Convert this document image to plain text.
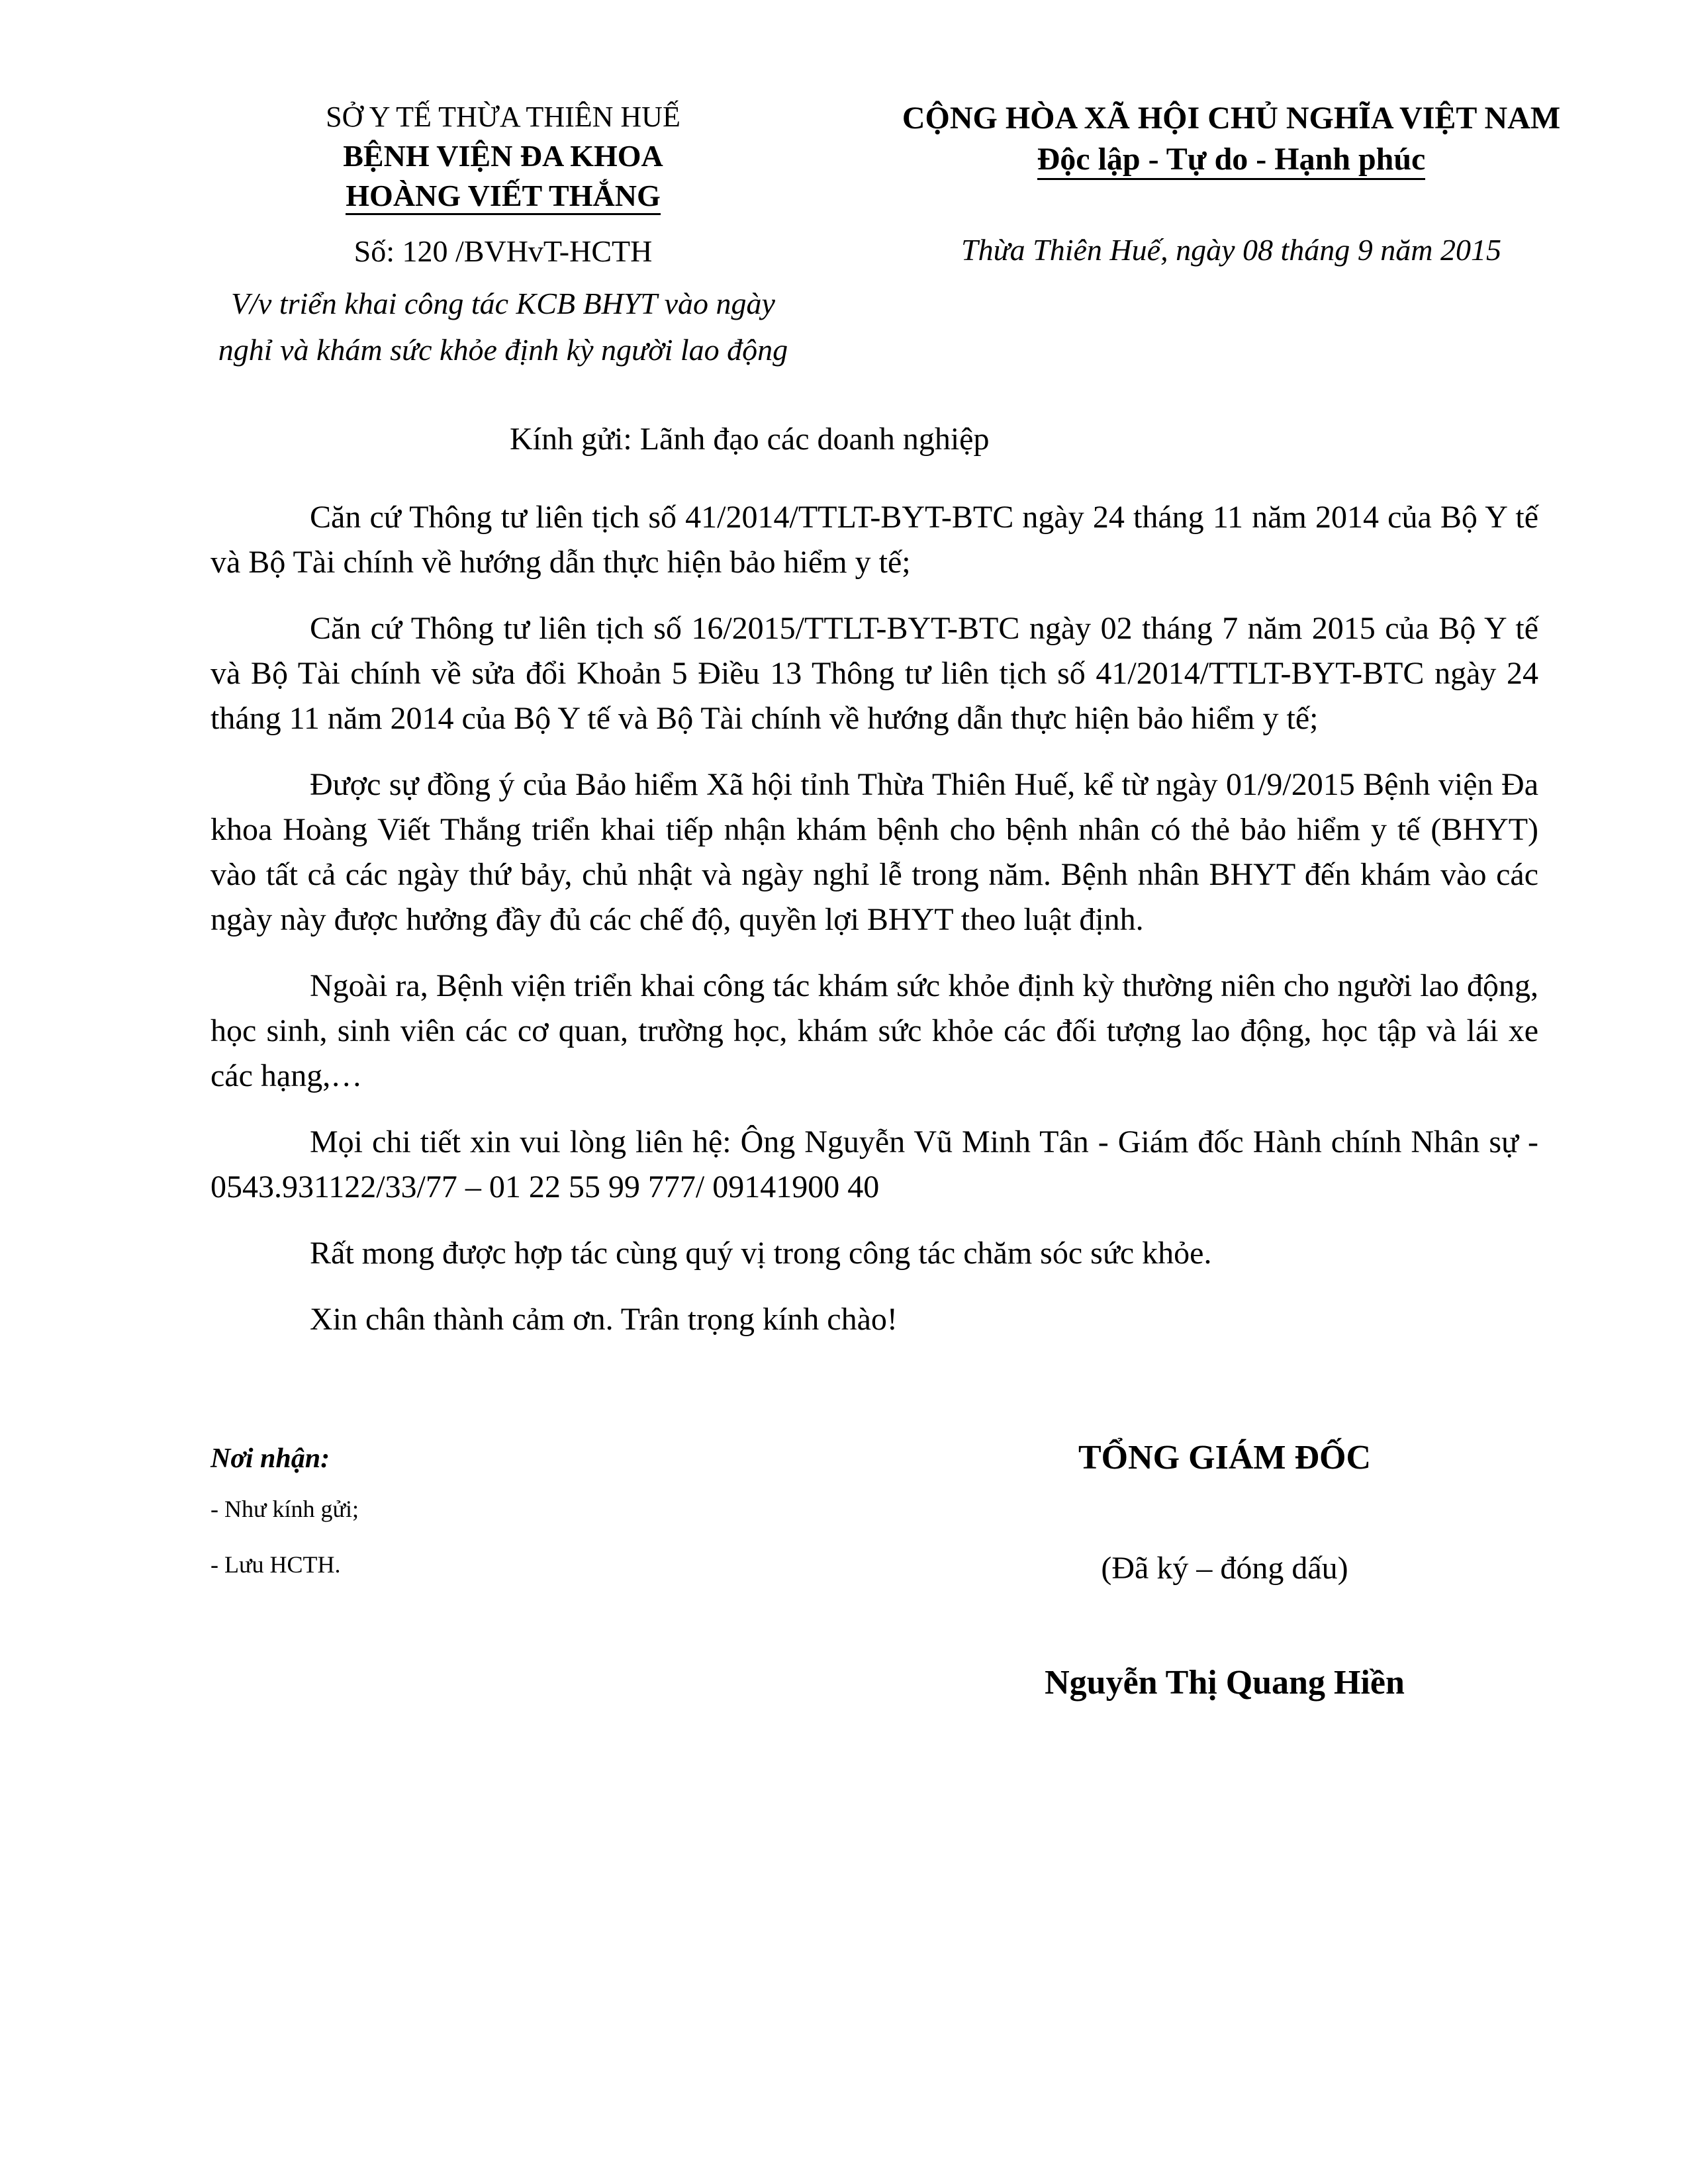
SỞ Y TẾ THỪA THIÊN HUẾ
BỆNH VIỆN ĐA KHOA
HOÀNG VIẾT THẮNG
CỘNG HÒA XÃ HỘI CHỦ NGHĨA VIỆT NAM
Độc lập - Tự do - Hạnh phúc
Số: 120 /BVHvT-HCTH	Thừa Thiên Huế, ngày 08 tháng 9 năm 2015
V/v triển khai công tác KCB BHYT vào ngày
nghỉ và khám sức khỏe định kỳ người lao động
Kính gửi: Lãnh đạo các doanh nghiệp

Căn cứ Thông tư liên tịch số 41/2014/TTLT-BYT-BTC ngày 24 tháng 11 năm 2014 của Bộ Y tế và Bộ Tài chính về hướng dẫn thực hiện bảo hiểm y tế;

Căn cứ Thông tư liên tịch số 16/2015/TTLT-BYT-BTC ngày 02 tháng 7 năm 2015 của Bộ Y tế và Bộ Tài chính về sửa đổi Khoản 5 Điều 13 Thông tư liên tịch số 41/2014/TTLT-BYT-BTC ngày 24 tháng 11 năm 2014 của Bộ Y tế và Bộ Tài chính về hướng dẫn thực hiện bảo hiểm y tế;

Được sự đồng ý của Bảo hiểm Xã hội tỉnh Thừa Thiên Huế, kể từ ngày 01/9/2015 Bệnh viện Đa khoa Hoàng Viết Thắng triển khai tiếp nhận khám bệnh cho bệnh nhân có thẻ bảo hiểm y tế (BHYT) vào tất cả các ngày thứ bảy, chủ nhật và ngày nghỉ lễ trong năm. Bệnh nhân BHYT đến khám vào các ngày này được hưởng đầy đủ các chế độ, quyền lợi BHYT theo luật định.

Ngoài ra, Bệnh viện triển khai công tác khám sức khỏe định kỳ thường niên cho người lao động, học sinh, sinh viên các cơ quan, trường học, khám sức khỏe các đối tượng lao động, học tập và lái xe các hạng,…

Mọi chi tiết xin vui lòng liên hệ: Ông Nguyễn Vũ Minh Tân - Giám đốc Hành chính Nhân sự - 0543.931122/33/77 – 01 22 55 99 777/ 09141900 40

Rất mong được hợp tác cùng quý vị trong công tác chăm sóc sức khỏe.

Xin chân thành cảm ơn. Trân trọng kính chào!

Nơi nhận:
- Như kính gửi;
- Lưu HCTH.
TỔNG GIÁM ĐỐC
(Đã ký – đóng dấu)
Nguyễn Thị Quang Hiền
